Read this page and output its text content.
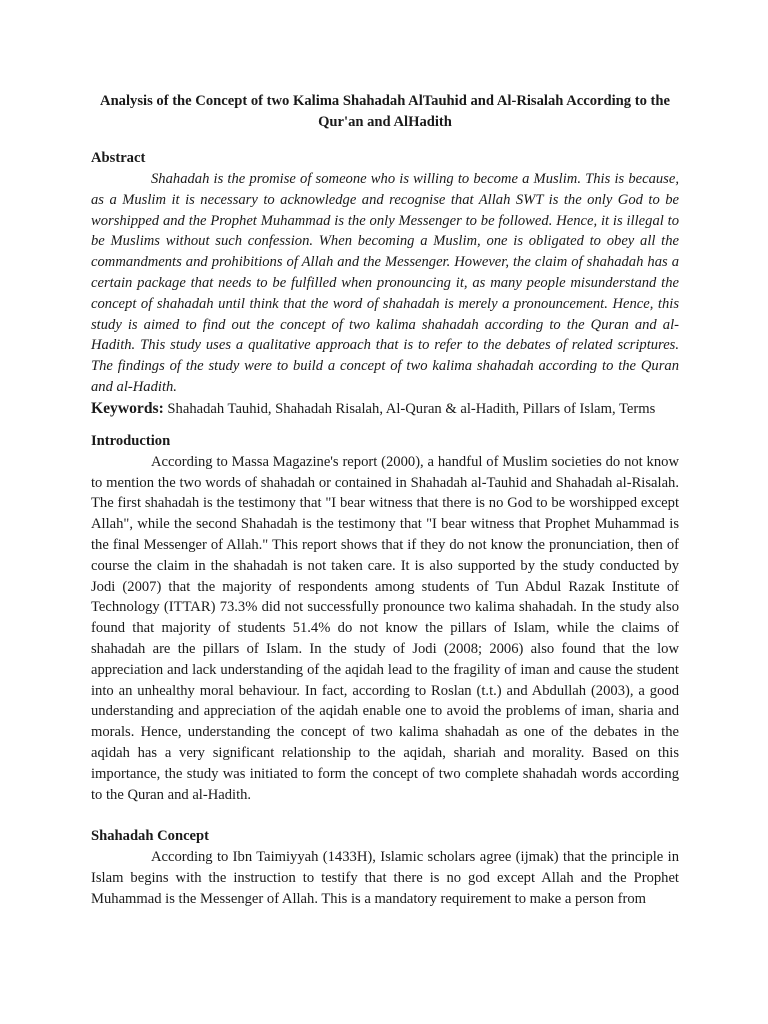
Analysis of the Concept of two Kalima Shahadah AlTauhid and Al-Risalah According to the Qur'an and AlHadith
Abstract

Shahadah is the promise of someone who is willing to become a Muslim. This is because, as a Muslim it is necessary to acknowledge and recognise that Allah SWT is the only God to be worshipped and the Prophet Muhammad is the only Messenger to be followed. Hence, it is illegal to be Muslims without such confession. When becoming a Muslim, one is obligated to obey all the commandments and prohibitions of Allah and the Messenger. However, the claim of shahadah has a certain package that needs to be fulfilled when pronouncing it, as many people misunderstand the concept of shahadah until think that the word of shahadah is merely a pronouncement. Hence, this study is aimed to find out the concept of two kalima shahadah according to the Quran and al-Hadith. This study uses a qualitative approach that is to refer to the debates of related scriptures. The findings of the study were to build a concept of two kalima shahadah according to the Quran and al-Hadith.

Keywords: Shahadah Tauhid, Shahadah Risalah, Al-Quran & al-Hadith, Pillars of Islam, Terms

Introduction

According to Massa Magazine's report (2000), a handful of Muslim societies do not know to mention the two words of shahadah or contained in Shahadah al-Tauhid and Shahadah al-Risalah. The first shahadah is the testimony that "I bear witness that there is no God to be worshipped except Allah", while the second Shahadah is the testimony that "I bear witness that Prophet Muhammad is the final Messenger of Allah." This report shows that if they do not know the pronunciation, then of course the claim in the shahadah is not taken care. It is also supported by the study conducted by Jodi (2007) that the majority of respondents among students of Tun Abdul Razak Institute of Technology (ITTAR) 73.3% did not successfully pronounce two kalima shahadah. In the study also found that majority of students 51.4% do not know the pillars of Islam, while the claims of shahadah are the pillars of Islam. In the study of Jodi (2008; 2006) also found that the low appreciation and lack understanding of the aqidah lead to the fragility of iman and cause the student into an unhealthy moral behaviour. In fact, according to Roslan (t.t.) and Abdullah (2003), a good understanding and appreciation of the aqidah enable one to avoid the problems of iman, sharia and morals. Hence, understanding the concept of two kalima shahadah as one of the debates in the aqidah has a very significant relationship to the aqidah, shariah and morality. Based on this importance, the study was initiated to form the concept of two complete shahadah words according to the Quran and al-Hadith.

Shahadah Concept

According to Ibn Taimiyyah (1433H), Islamic scholars agree (ijmak) that the principle in Islam begins with the instruction to testify that there is no god except Allah and the Prophet Muhammad is the Messenger of Allah. This is a mandatory requirement to make a person from
